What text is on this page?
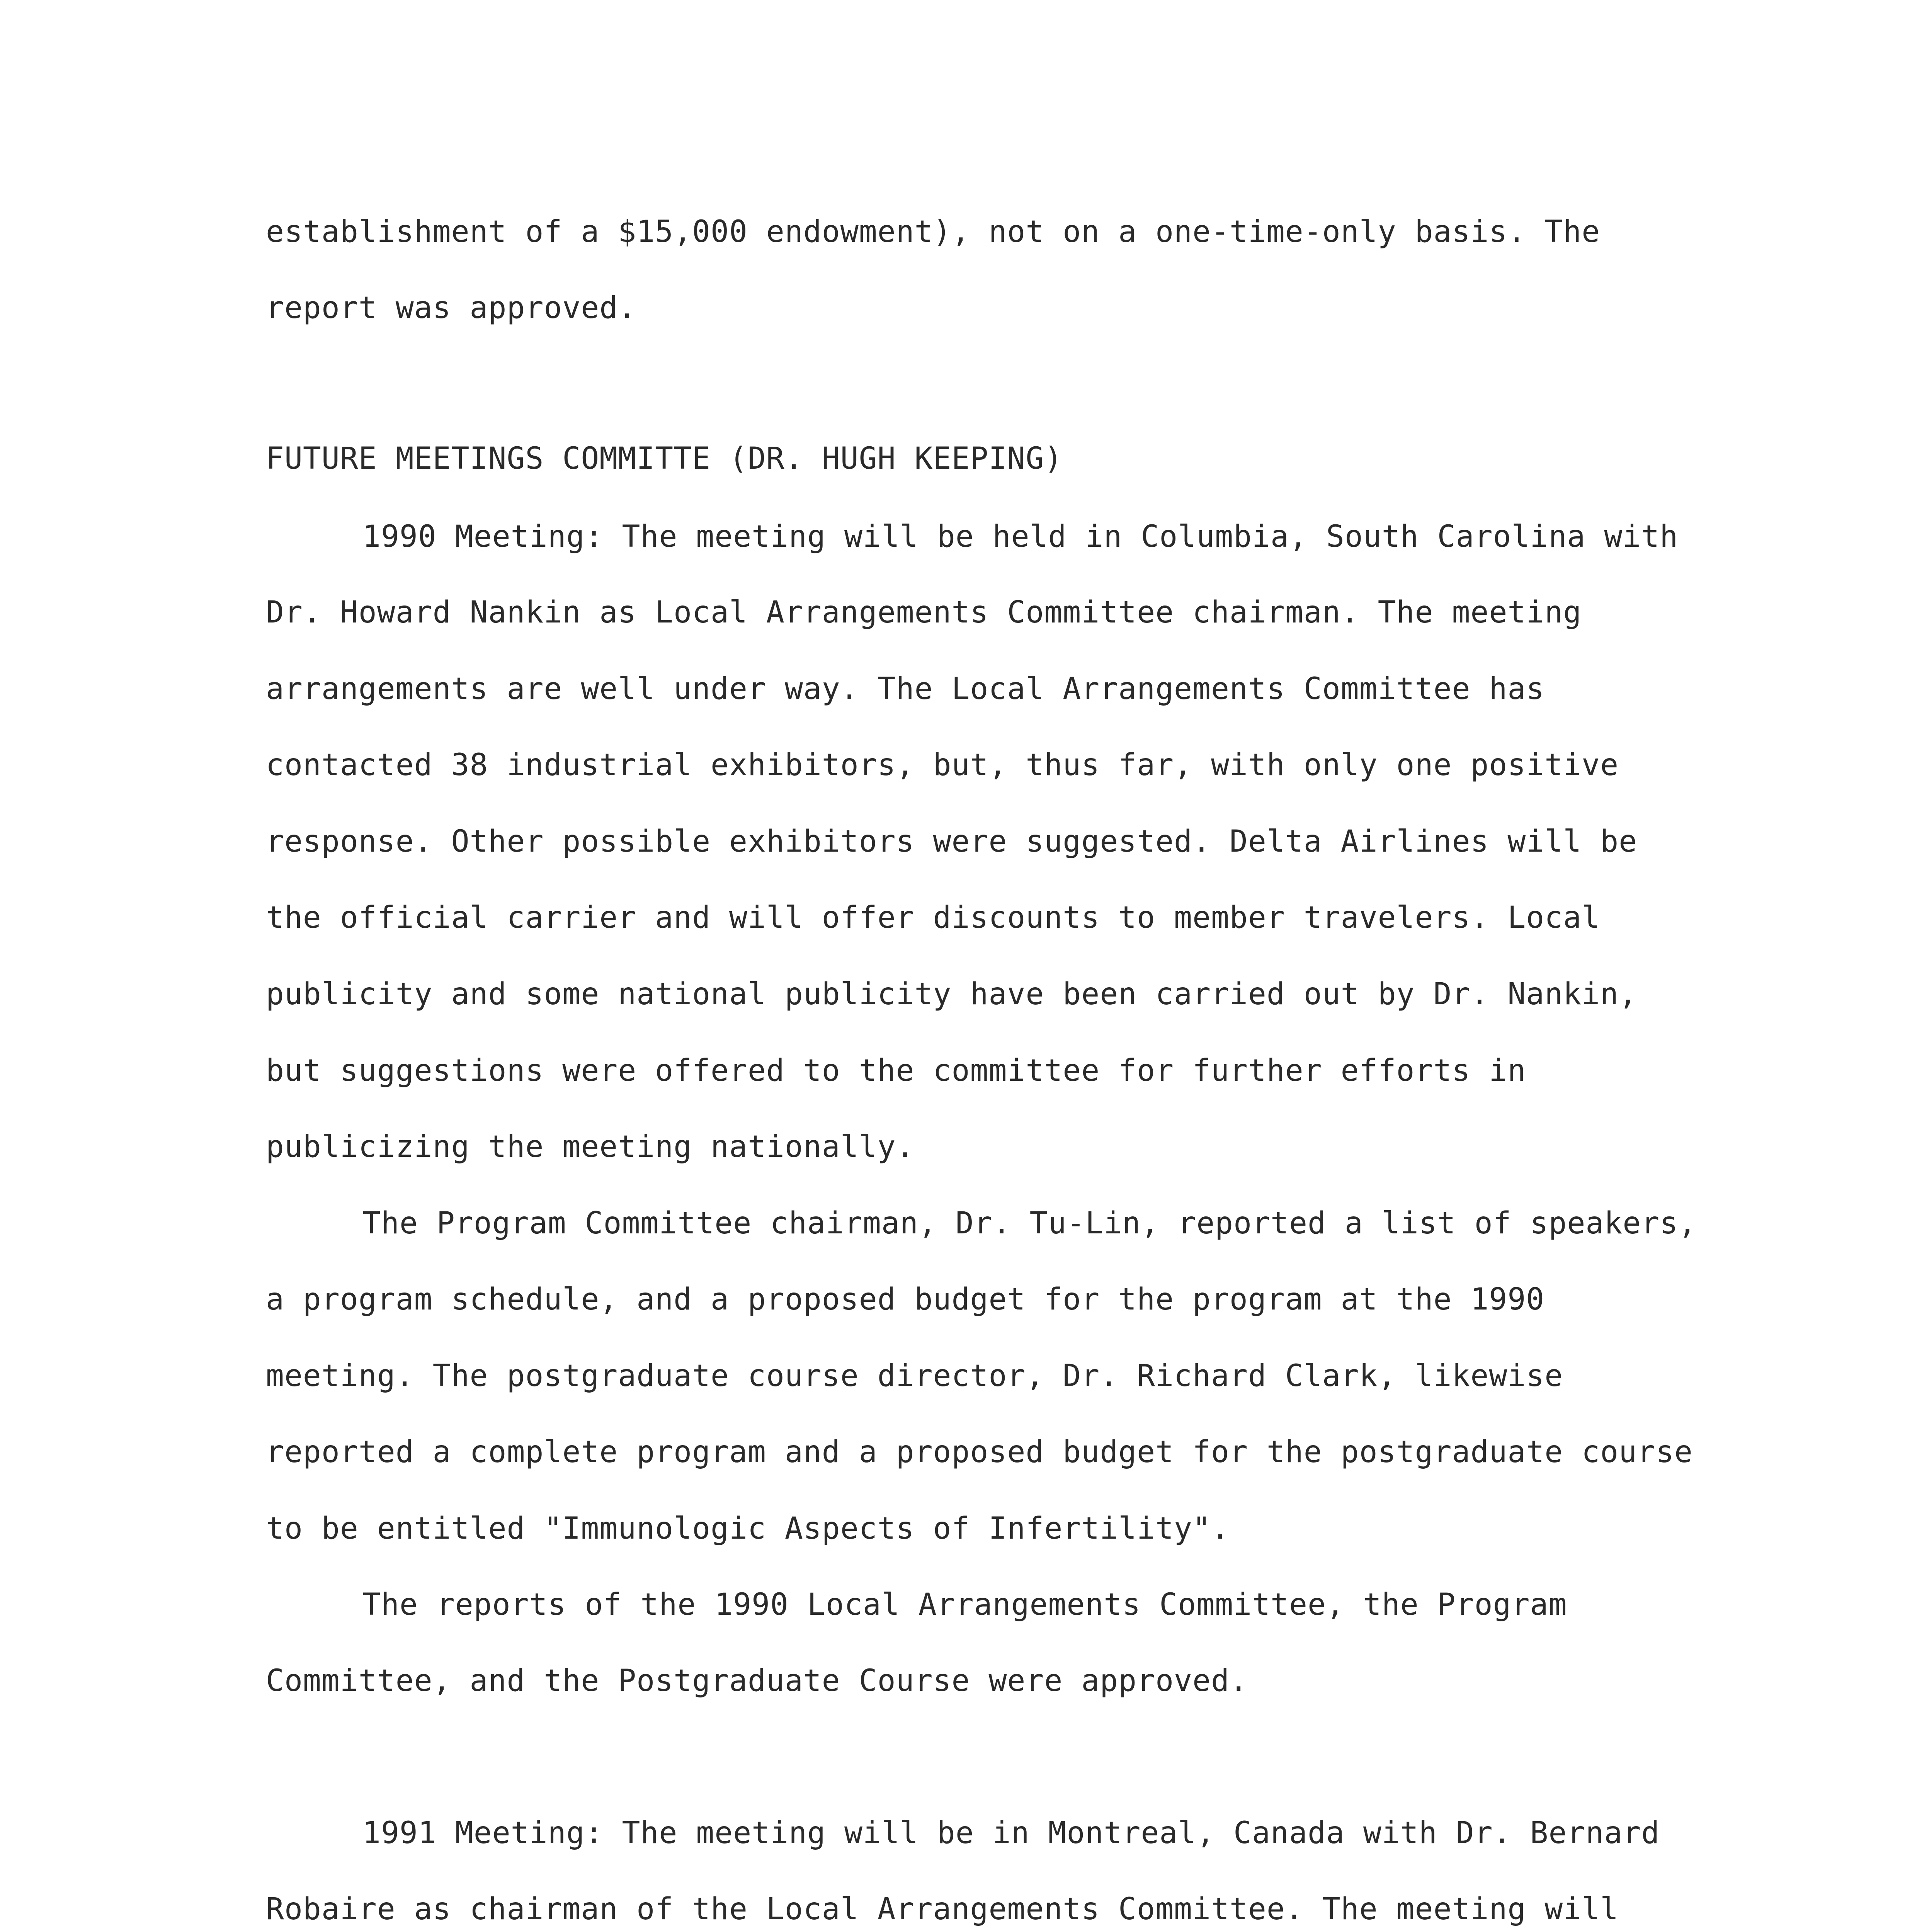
establishment of a $15,000 endowment), not on a one-time-only basis. The
report was approved.
FUTURE MEETINGS COMMITTE (DR. HUGH KEEPING)
1990 Meeting: The meeting will be held in Columbia, South Carolina with
Dr. Howard Nankin as Local Arrangements Committee chairman. The meeting
arrangements are well under way. The Local Arrangements Committee has
contacted 38 industrial exhibitors, but, thus far, with only one positive
response. Other possible exhibitors were suggested. Delta Airlines will be
the official carrier and will offer discounts to member travelers. Local
publicity and some national publicity have been carried out by Dr. Nankin,
but suggestions were offered to the committee for further efforts in
publicizing the meeting nationally.
The Program Committee chairman, Dr. Tu-Lin, reported a list of speakers,
a program schedule, and a proposed budget for the program at the 1990
meeting. The postgraduate course director, Dr. Richard Clark, likewise
reported a complete program and a proposed budget for the postgraduate course
to be entitled "Immunologic Aspects of Infertility".
The reports of the 1990 Local Arrangements Committee, the Program
Committee, and the Postgraduate Course were approved.
1991 Meeting: The meeting will be in Montreal, Canada with Dr. Bernard
Robaire as chairman of the Local Arrangements Committee. The meeting will
